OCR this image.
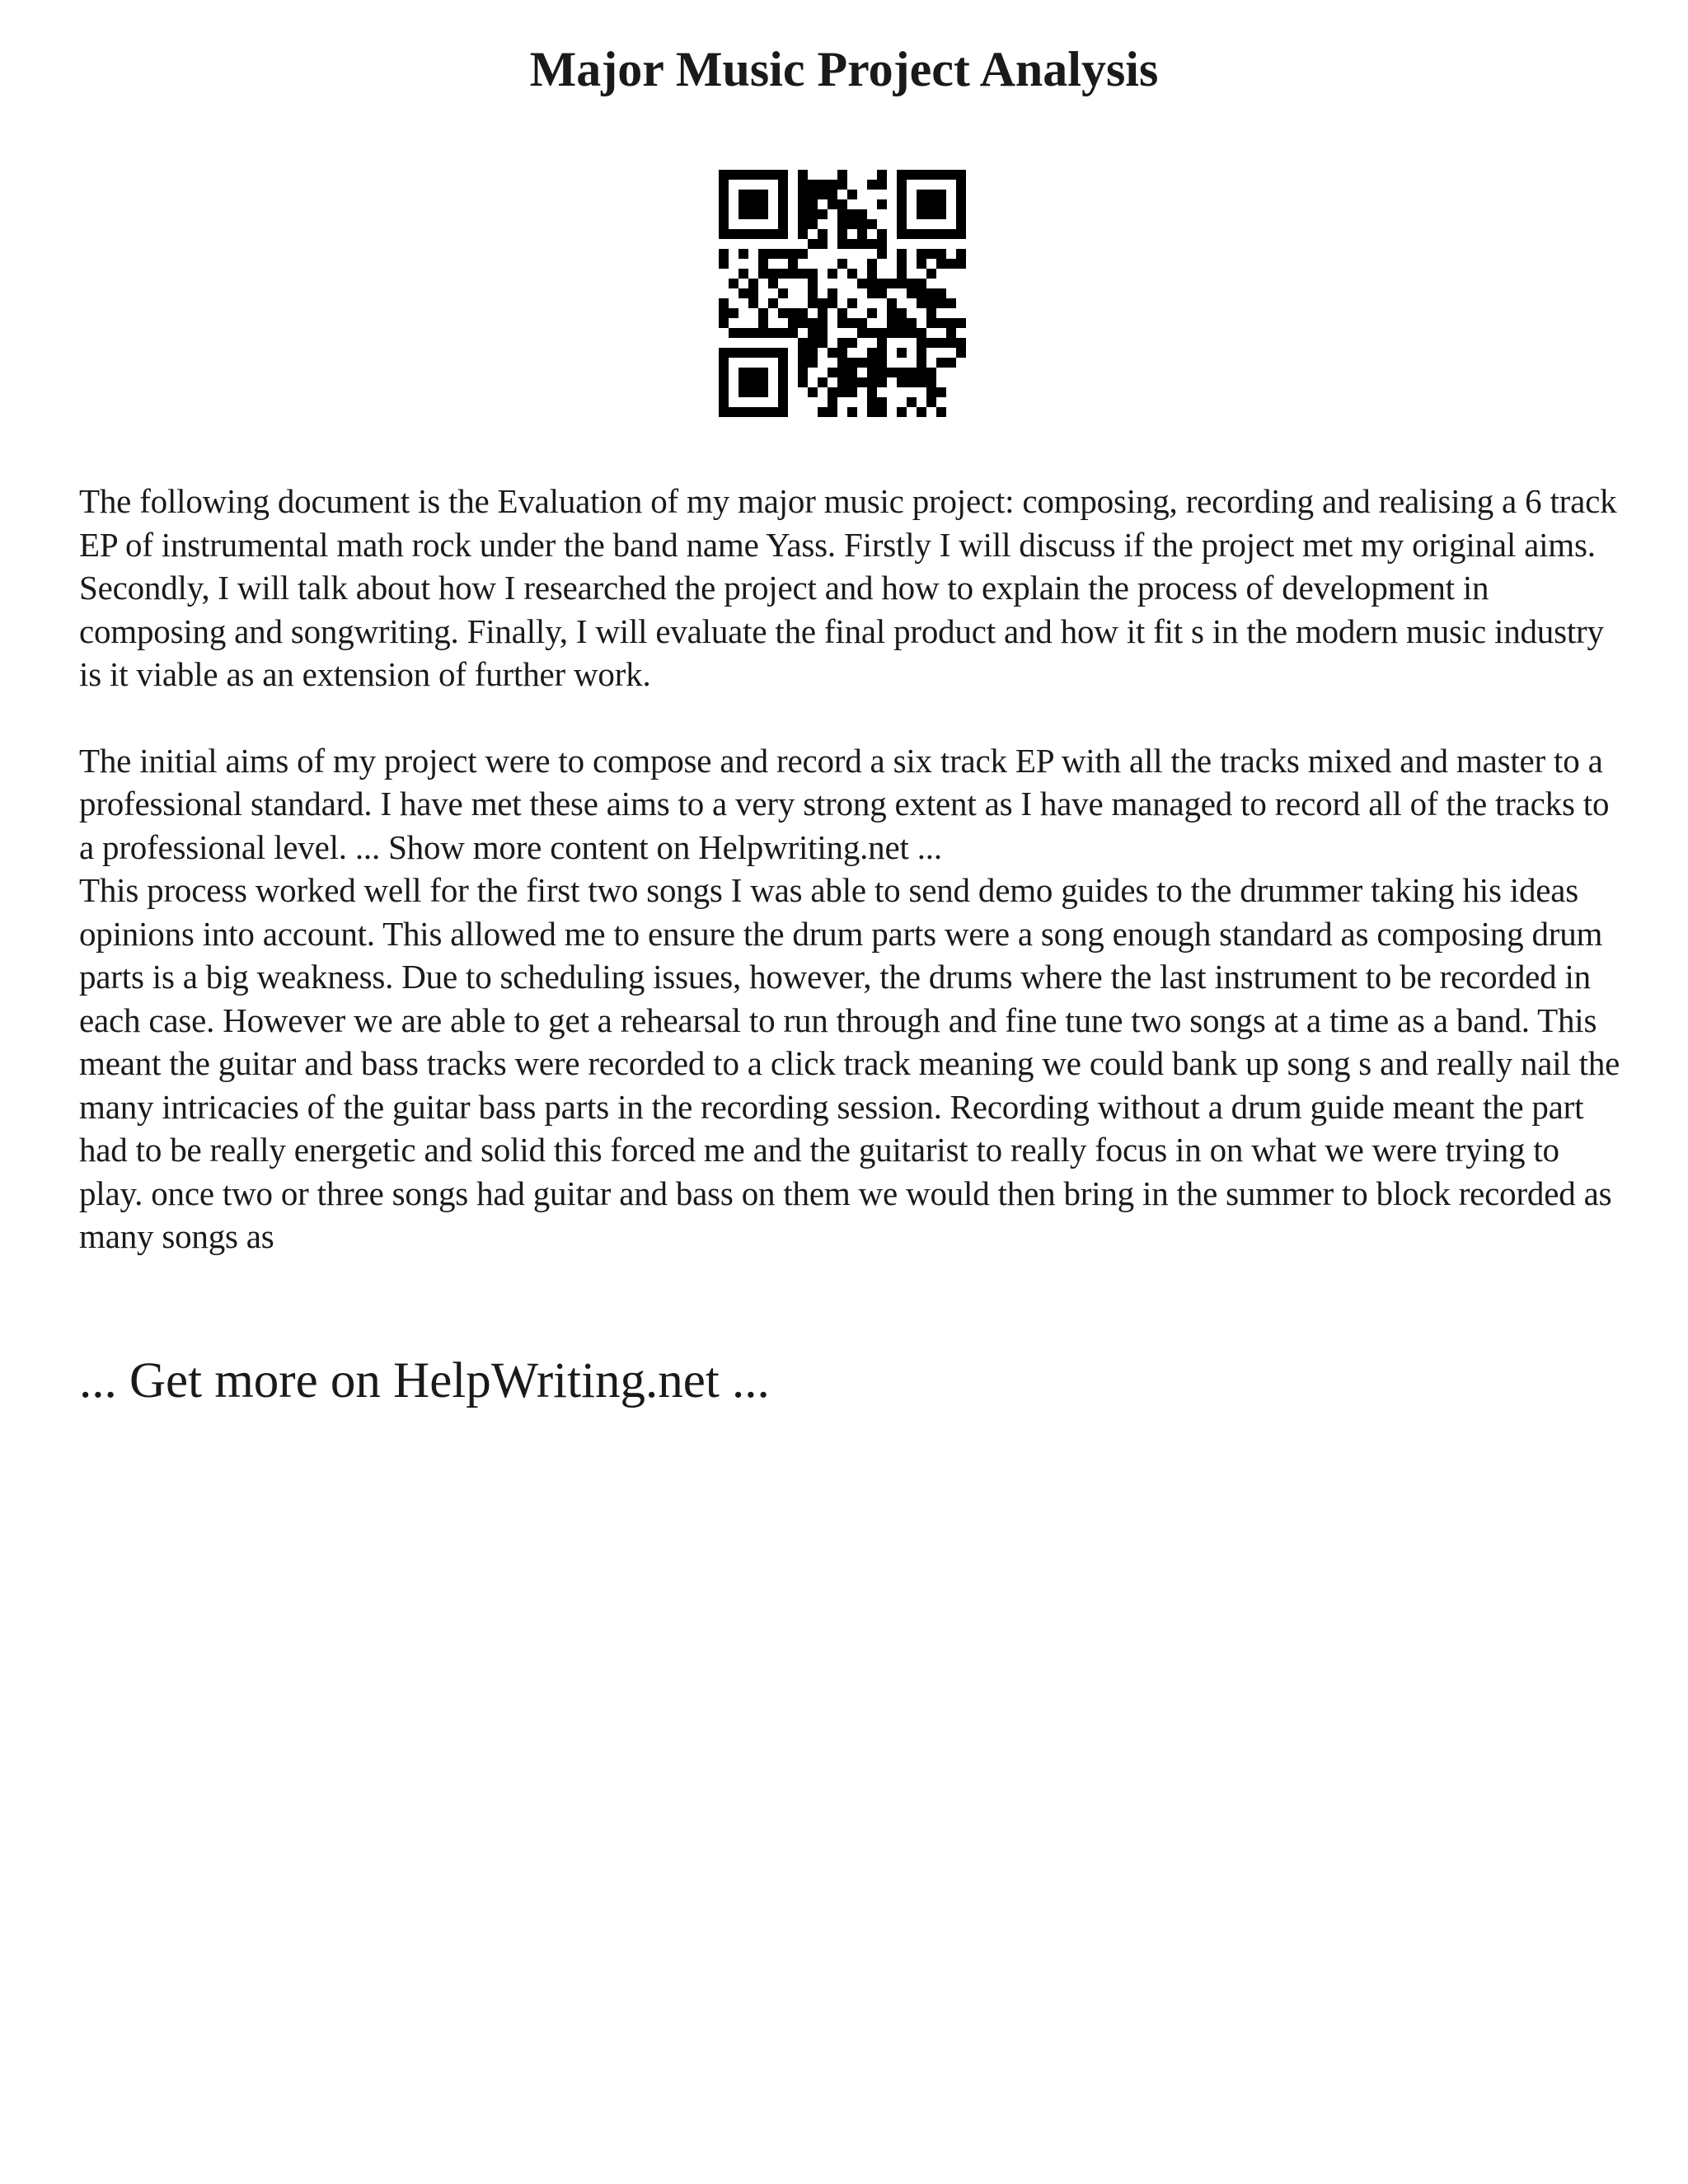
Major Music Project Analysis

The following document is the Evaluation of my major music project: composing, recording and realising a 6 track EP of instrumental math rock under the band name Yass. Firstly I will discuss if the project met my original aims. Secondly, I will talk about how I researched the project and how to explain the process of development in composing and songwriting. Finally, I will evaluate the final product and how it fit s in the modern music industry is it viable as an extension of further work.

The initial aims of my project were to compose and record a six track EP with all the tracks mixed and master to a professional standard. I have met these aims to a very strong extent as I have managed to record all of the tracks to a professional level. ... Show more content on Helpwriting.net ...

This process worked well for the first two songs I was able to send demo guides to the drummer taking his ideas opinions into account. This allowed me to ensure the drum parts were a song enough standard as composing drum parts is a big weakness. Due to scheduling issues, however, the drums where the last instrument to be recorded in each case. However we are able to get a rehearsal to run through and fine tune two songs at a time as a band. This meant the guitar and bass tracks were recorded to a click track meaning we could bank up song s and really nail the many intricacies of the guitar bass parts in the recording session. Recording without a drum guide meant the part had to be really energetic and solid this forced me and the guitarist to really focus in on what we were trying to play. once two or three songs had guitar and bass on them we would then bring in the summer to block recorded as many songs as

... Get more on HelpWriting.net ...
